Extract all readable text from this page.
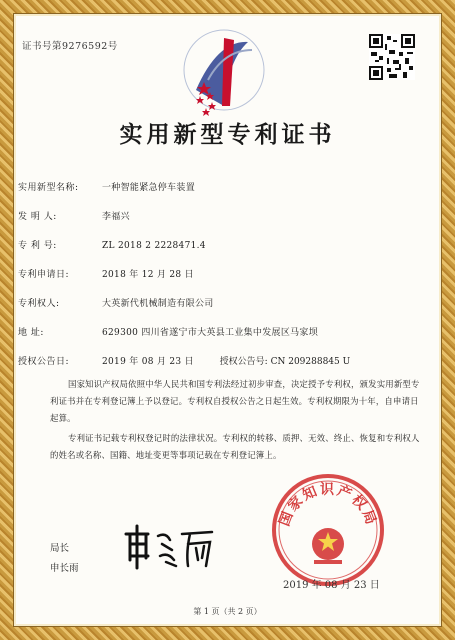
证书号第9276592号
实用新型专利证书
实用新型名称:	一种智能紧急停车装置
发 明 人:	李福兴
专 利 号:	ZL 2018 2 2228471.4
专利申请日:	2018 年 12 月 28 日
专利权人:	大英新代机械制造有限公司
地 址:	629300 四川省遂宁市大英县工业集中发展区马家坝
授权公告日:	2019 年 08 月 23 日	授权公告号: CN 209288845 U
国家知识产权局依照中华人民共和国专利法经过初步审查，决定授予专利权，颁发实用新型专利证书并在专利登记簿上予以登记。专利权自授权公告之日起生效。专利权期限为十年，自申请日起算。
专利证书记载专利权登记时的法律状况。专利权的转移、质押、无效、终止、恢复和专利权人的姓名或名称、国籍、地址变更等事项记载在专利登记簿上。
局长
申长雨
国家知识产权局
2019 年 08 月 23 日
第 1 页（共 2 页）
